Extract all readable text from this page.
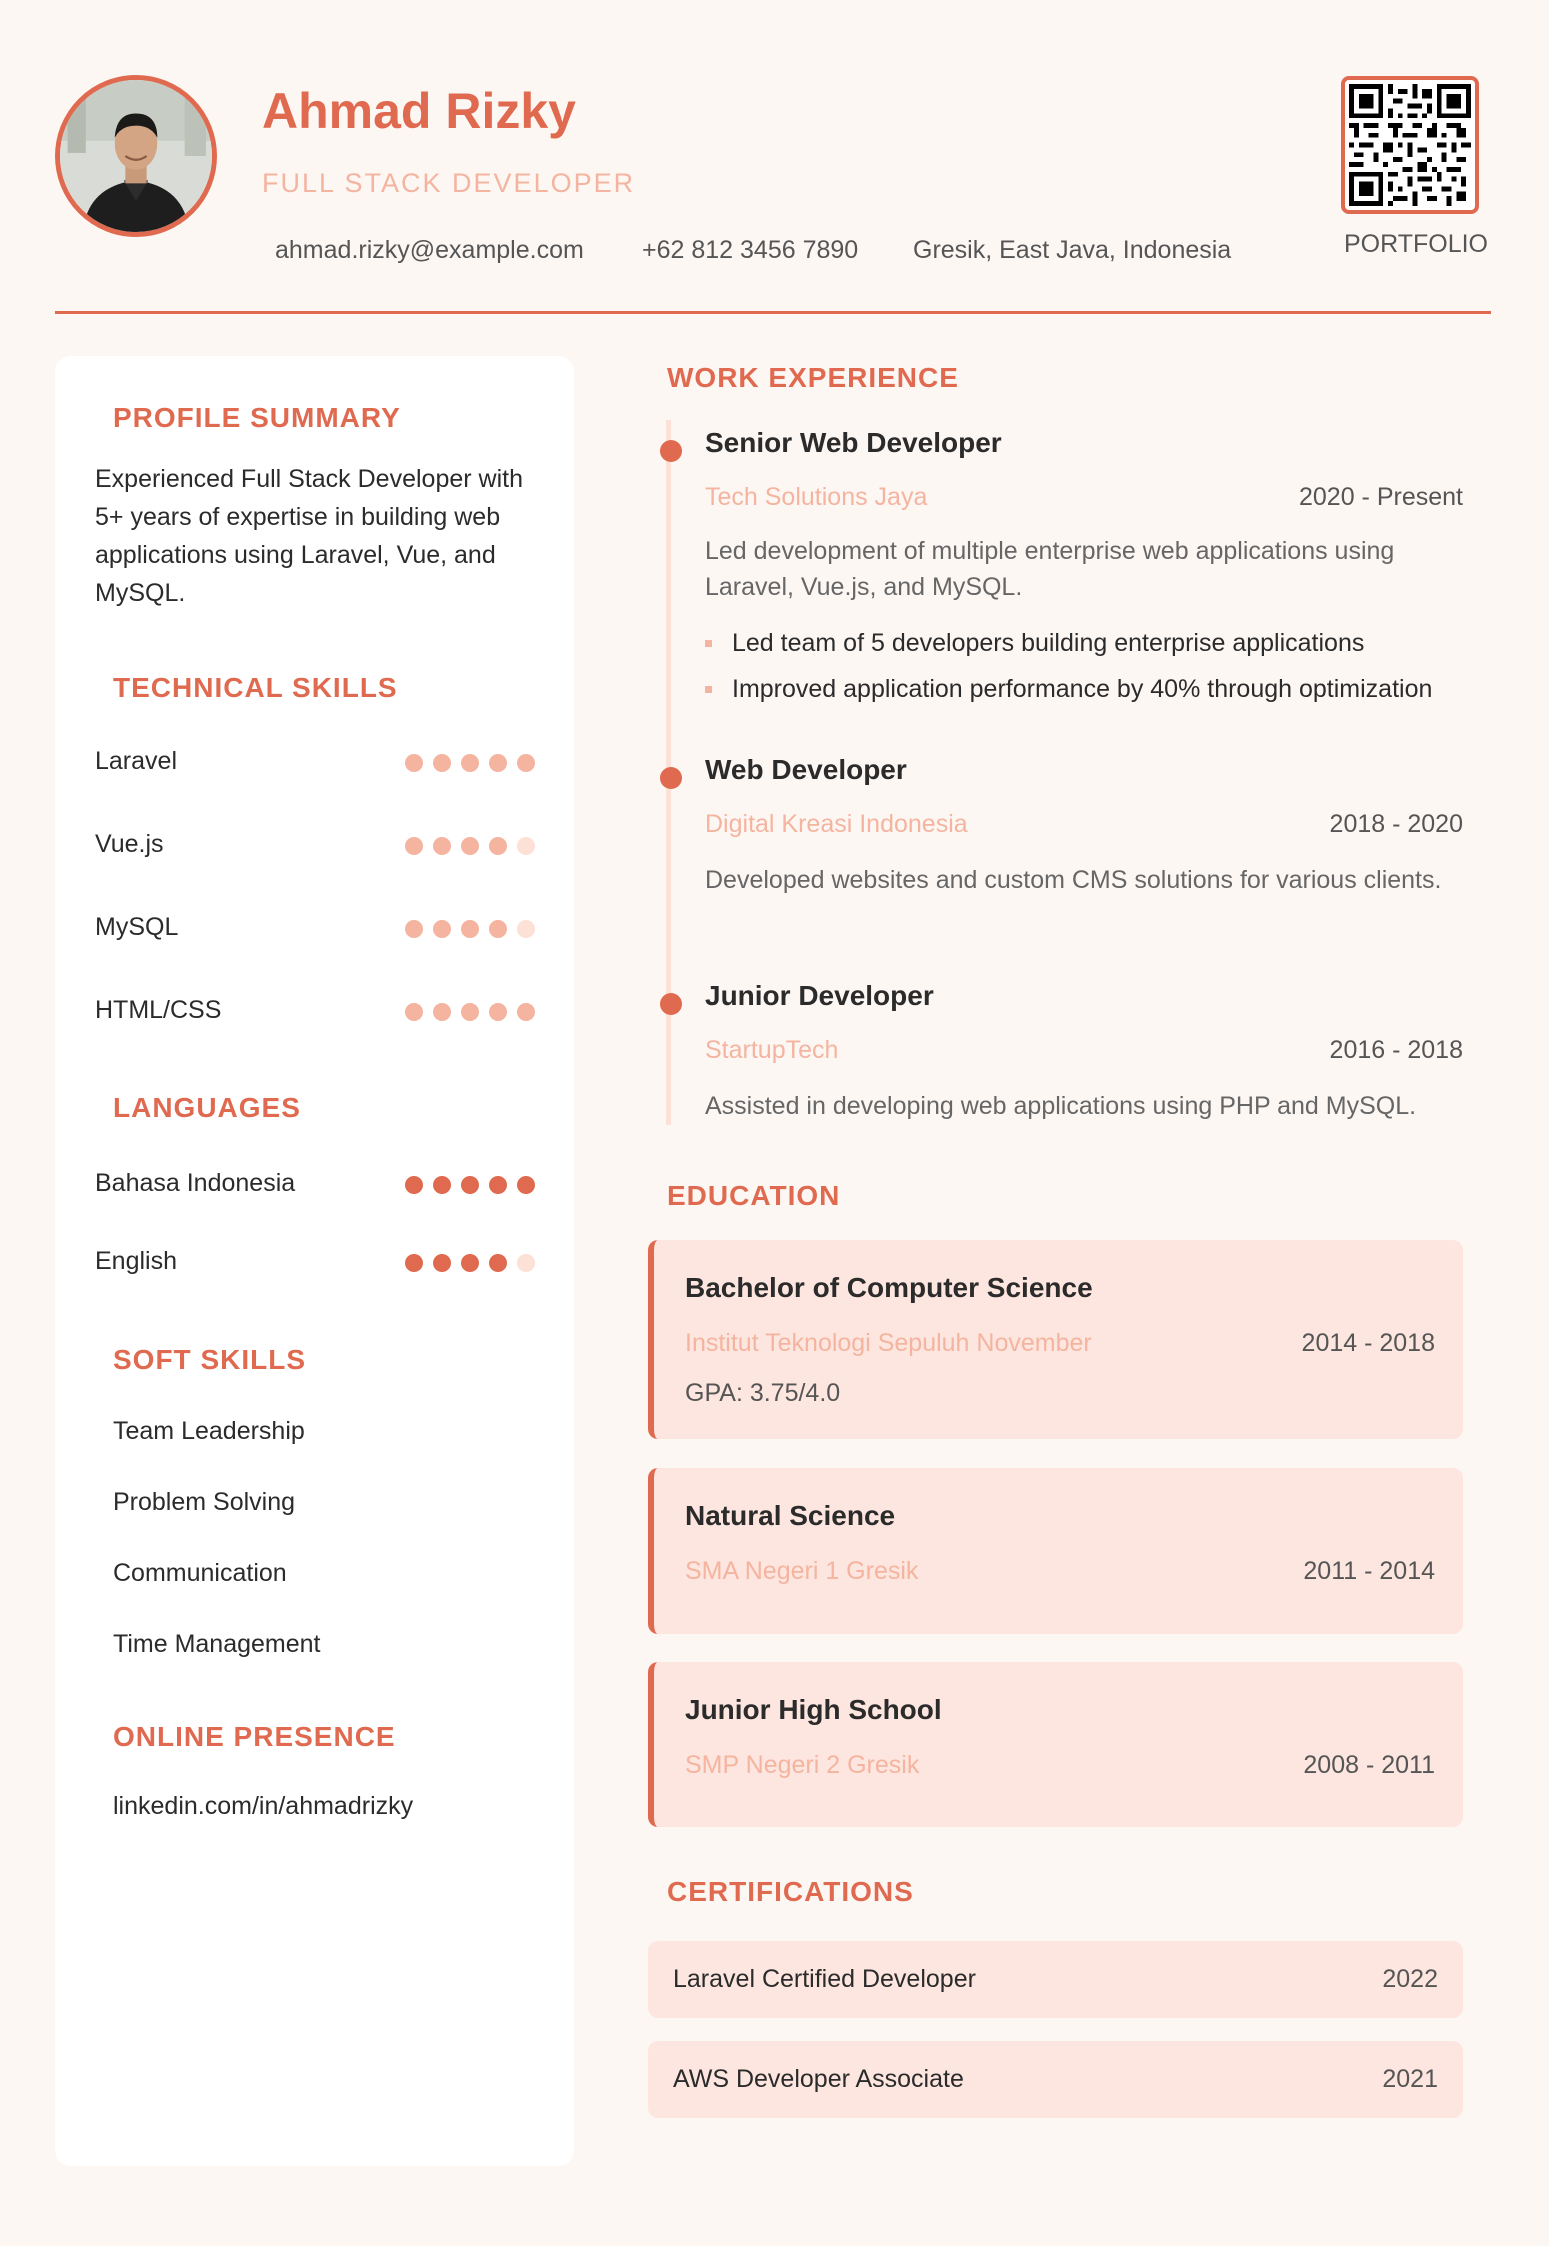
Ahmad Rizky
FULL STACK DEVELOPER
ahmad.rizky@example.com +62 812 3456 7890 Gresik, East Java, Indonesia	PORTFOLIO
PROFILE SUMMARY
Experienced Full Stack Developer with 5+ years of expertise in building web applications using Laravel, Vue, and MySQL.
TECHNICAL SKILLS
Laravel
Vue.js
MySQL
HTML/CSS
LANGUAGES
Bahasa Indonesia
English
SOFT SKILLS
Team Leadership
Problem Solving
Communication
Time Management
ONLINE PRESENCE
linkedin.com/in/ahmadrizky
WORK EXPERIENCE
Senior Web Developer
Tech Solutions Jaya	2020 - Present
Led development of multiple enterprise web applications using Laravel, Vue.js, and MySQL.
Led team of 5 developers building enterprise applications
Improved application performance by 40% through optimization
Web Developer
Digital Kreasi Indonesia	2018 - 2020
Developed websites and custom CMS solutions for various clients.
Junior Developer
StartupTech	2016 - 2018
Assisted in developing web applications using PHP and MySQL.
EDUCATION
Bachelor of Computer Science
Institut Teknologi Sepuluh November	2014 - 2018
GPA: 3.75/4.0
Natural Science
SMA Negeri 1 Gresik	2011 - 2014
Junior High School
SMP Negeri 2 Gresik	2008 - 2011
CERTIFICATIONS
Laravel Certified Developer	2022
AWS Developer Associate	2021
